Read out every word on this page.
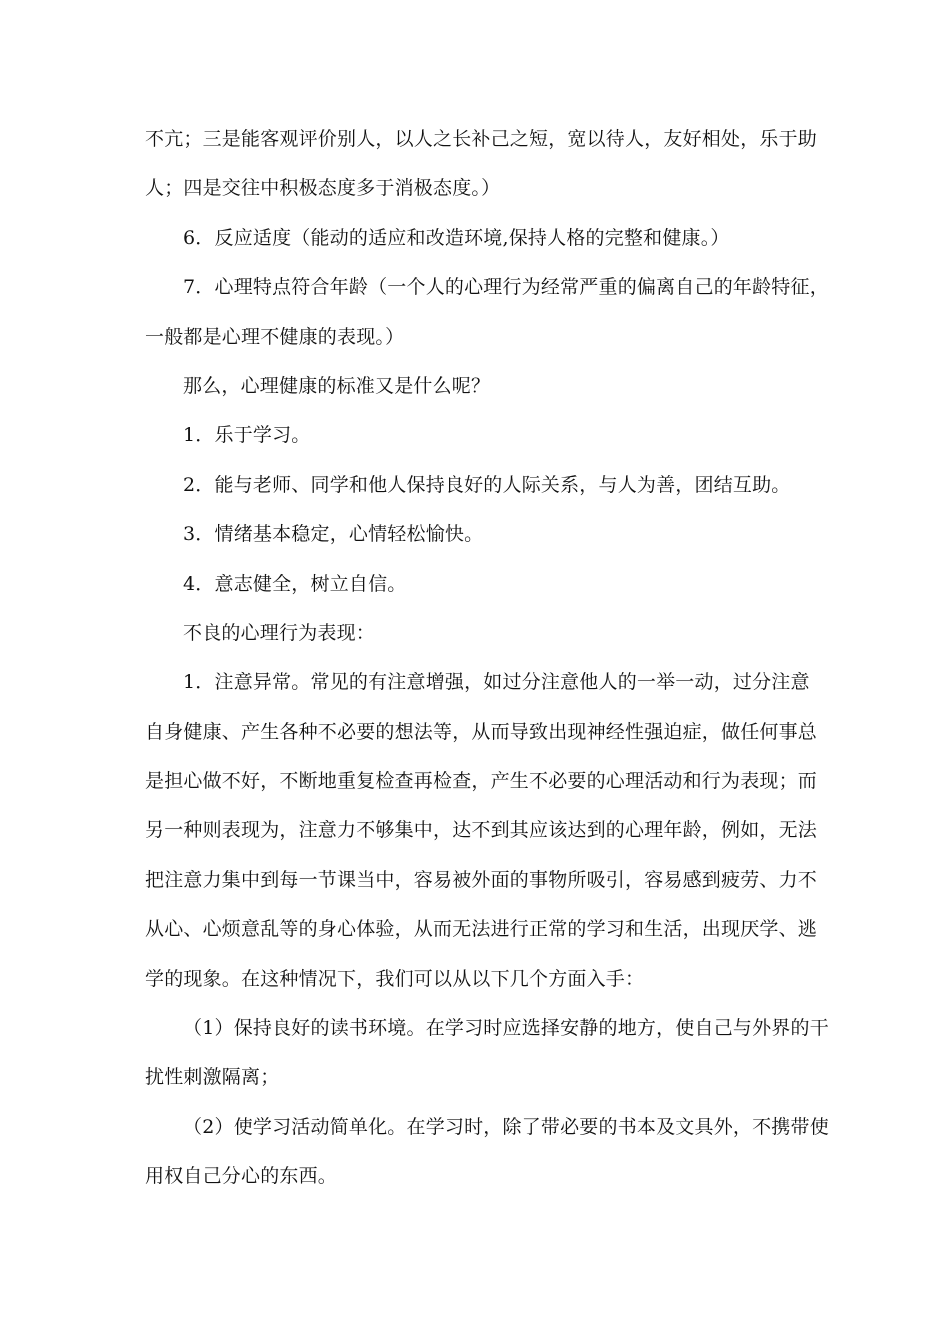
不亢；三是能客观评价别人，以人之长补己之短，宽以待人，友好相处，乐于助
人；四是交往中积极态度多于消极态度。）
6．反应适度（能动的适应和改造环境,保持人格的完整和健康。）
7．心理特点符合年龄（一个人的心理行为经常严重的偏离自己的年龄特征，
一般都是心理不健康的表现。）
那么，心理健康的标准又是什么呢？
1．乐于学习。
2．能与老师、同学和他人保持良好的人际关系，与人为善，团结互助。
3．情绪基本稳定，心情轻松愉快。
4．意志健全，树立自信。
不良的心理行为表现：
1．注意异常。常见的有注意增强，如过分注意他人的一举一动，过分注意
自身健康、产生各种不必要的想法等，从而导致出现神经性强迫症，做任何事总
是担心做不好，不断地重复检查再检查，产生不必要的心理活动和行为表现；而
另一种则表现为，注意力不够集中，达不到其应该达到的心理年龄，例如，无法
把注意力集中到每一节课当中，容易被外面的事物所吸引，容易感到疲劳、力不
从心、心烦意乱等的身心体验，从而无法进行正常的学习和生活，出现厌学、逃
学的现象。在这种情况下，我们可以从以下几个方面入手：
（1）保持良好的读书环境。在学习时应选择安静的地方，使自己与外界的干
扰性刺激隔离；
（2）使学习活动简单化。在学习时，除了带必要的书本及文具外，不携带使
用权自己分心的东西。
